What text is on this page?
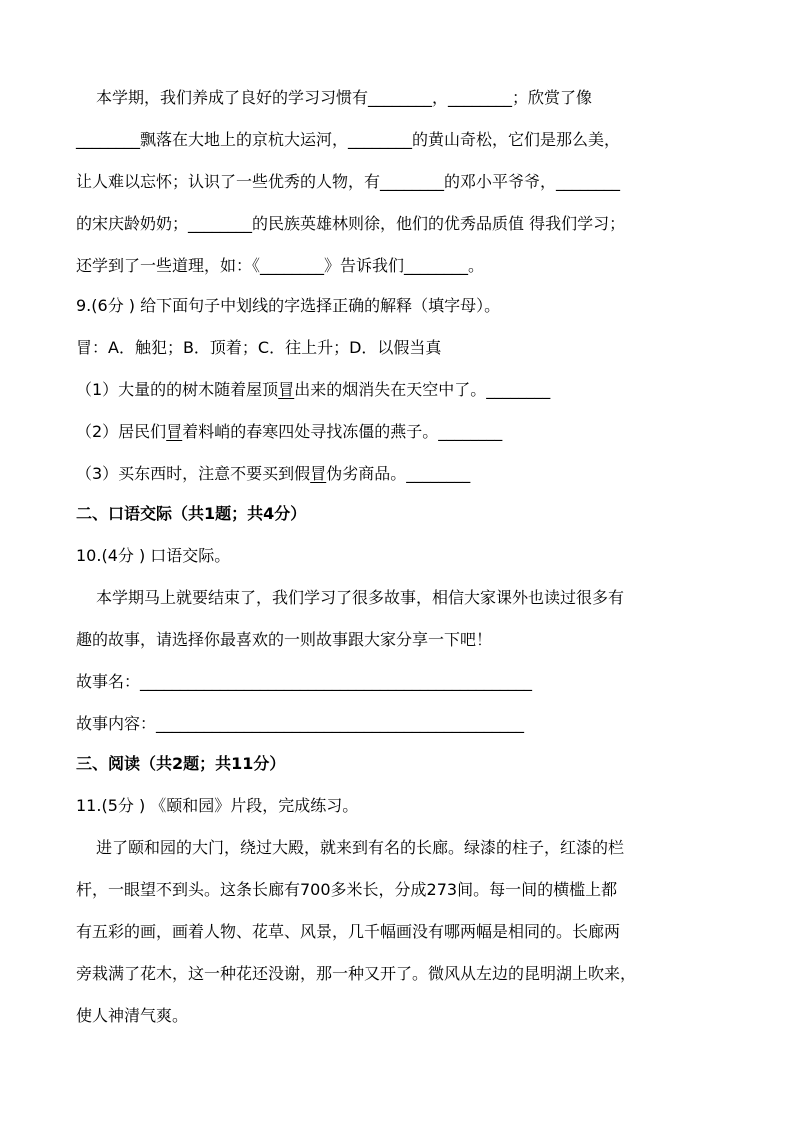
本学期，我们养成了良好的学习习惯有________，________；欣赏了像
________飘落在大地上的京杭大运河，________的黄山奇松，它们是那么美，
让人难以忘怀；认识了一些优秀的人物，有________的邓小平爷爷，________
的宋庆龄奶奶；________的民族英雄林则徐，他们的优秀品质值 得我们学习；
还学到了一些道理，如：《________》告诉我们________。
9.(6分 ) 给下面句子中划线的字选择正确的解释（填字母）。
冒：A．触犯；B．顶着；C．往上升；D．以假当真
（1）大量的的树木随着屋顶冒出来的烟消失在天空中了。________
（2）居民们冒着料峭的春寒四处寻找冻僵的燕子。________
（3）买东西时，注意不要买到假冒伪劣商品。________
二、口语交际（共1题；共4分）
10.(4分 ) 口语交际。
本学期马上就要结束了，我们学习了很多故事，相信大家课外也读过很多有
趣的故事，请选择你最喜欢的一则故事跟大家分享一下吧！
故事名：_________________________________________________
故事内容：______________________________________________
三、阅读（共2题；共11分）
11.(5分 ) 《颐和园》片段，完成练习。
进了颐和园的大门，绕过大殿，就来到有名的长廊。绿漆的柱子，红漆的栏
杆，一眼望不到头。这条长廊有700多米长，分成273间。每一间的横槛上都
有五彩的画，画着人物、花草、风景，几千幅画没有哪两幅是相同的。长廊两
旁栽满了花木，这一种花还没谢，那一种又开了。微风从左边的昆明湖上吹来，
使人神清气爽。
